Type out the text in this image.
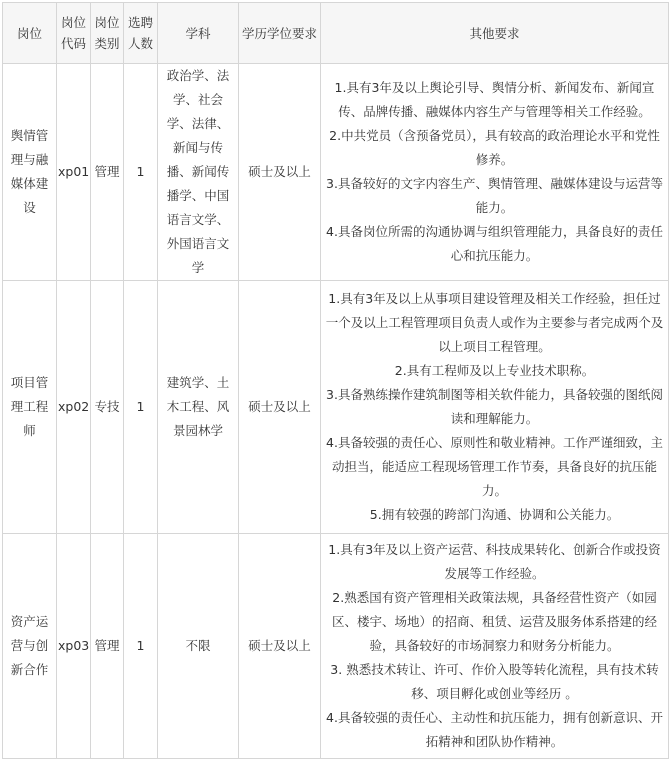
岗位	岗位代码	岗位类别	选聘人数	学科	学历学位要求	其他要求
舆情管理与融媒体建设	xp01	管理	1	政治学、法学、社会学、法律、新闻与传播、新闻传播学、中国语言文学、外国语言文学	硕士及以上	1.具有3年及以上舆论引导、舆情分析、新闻发布、新闻宣传、品牌传播、融媒体内容生产与管理等相关工作经验。

2.中共党员（含预备党员），具有较高的政治理论水平和党性修养。

3.具备较好的文字内容生产、舆情管理、融媒体建设与运营等能力。

4.具备岗位所需的沟通协调与组织管理能力，具备良好的责任心和抗压能力。

项目管理工程师	xp02	专技	1	建筑学、土木工程、风景园林学	硕士及以上	1.具有3年及以上从事项目建设管理及相关工作经验，担任过一个及以上工程管理项目负责人或作为主要参与者完成两个及以上项目工程管理。

2.具有工程师及以上专业技术职称。

3.具备熟练操作建筑制图等相关软件能力，具备较强的图纸阅读和理解能力。

4.具备较强的责任心、原则性和敬业精神。工作严谨细致，主动担当，能适应工程现场管理工作节奏，具备良好的抗压能力。

5.拥有较强的跨部门沟通、协调和公关能力。

资产运营与创新合作	xp03	管理	1	不限	硕士及以上	1.具有3年及以上资产运营、科技成果转化、创新合作或投资发展等工作经验。

2.熟悉国有资产管理相关政策法规，具备经营性资产（如园区、楼宇、场地）的招商、租赁、运营及服务体系搭建的经验，具备较好的市场洞察力和财务分析能力。

3. 熟悉技术转让、许可、作价入股等转化流程，具有技术转移、项目孵化或创业等经历 。

4.具备较强的责任心、主动性和抗压能力，拥有创新意识、开拓精神和团队协作精神。
